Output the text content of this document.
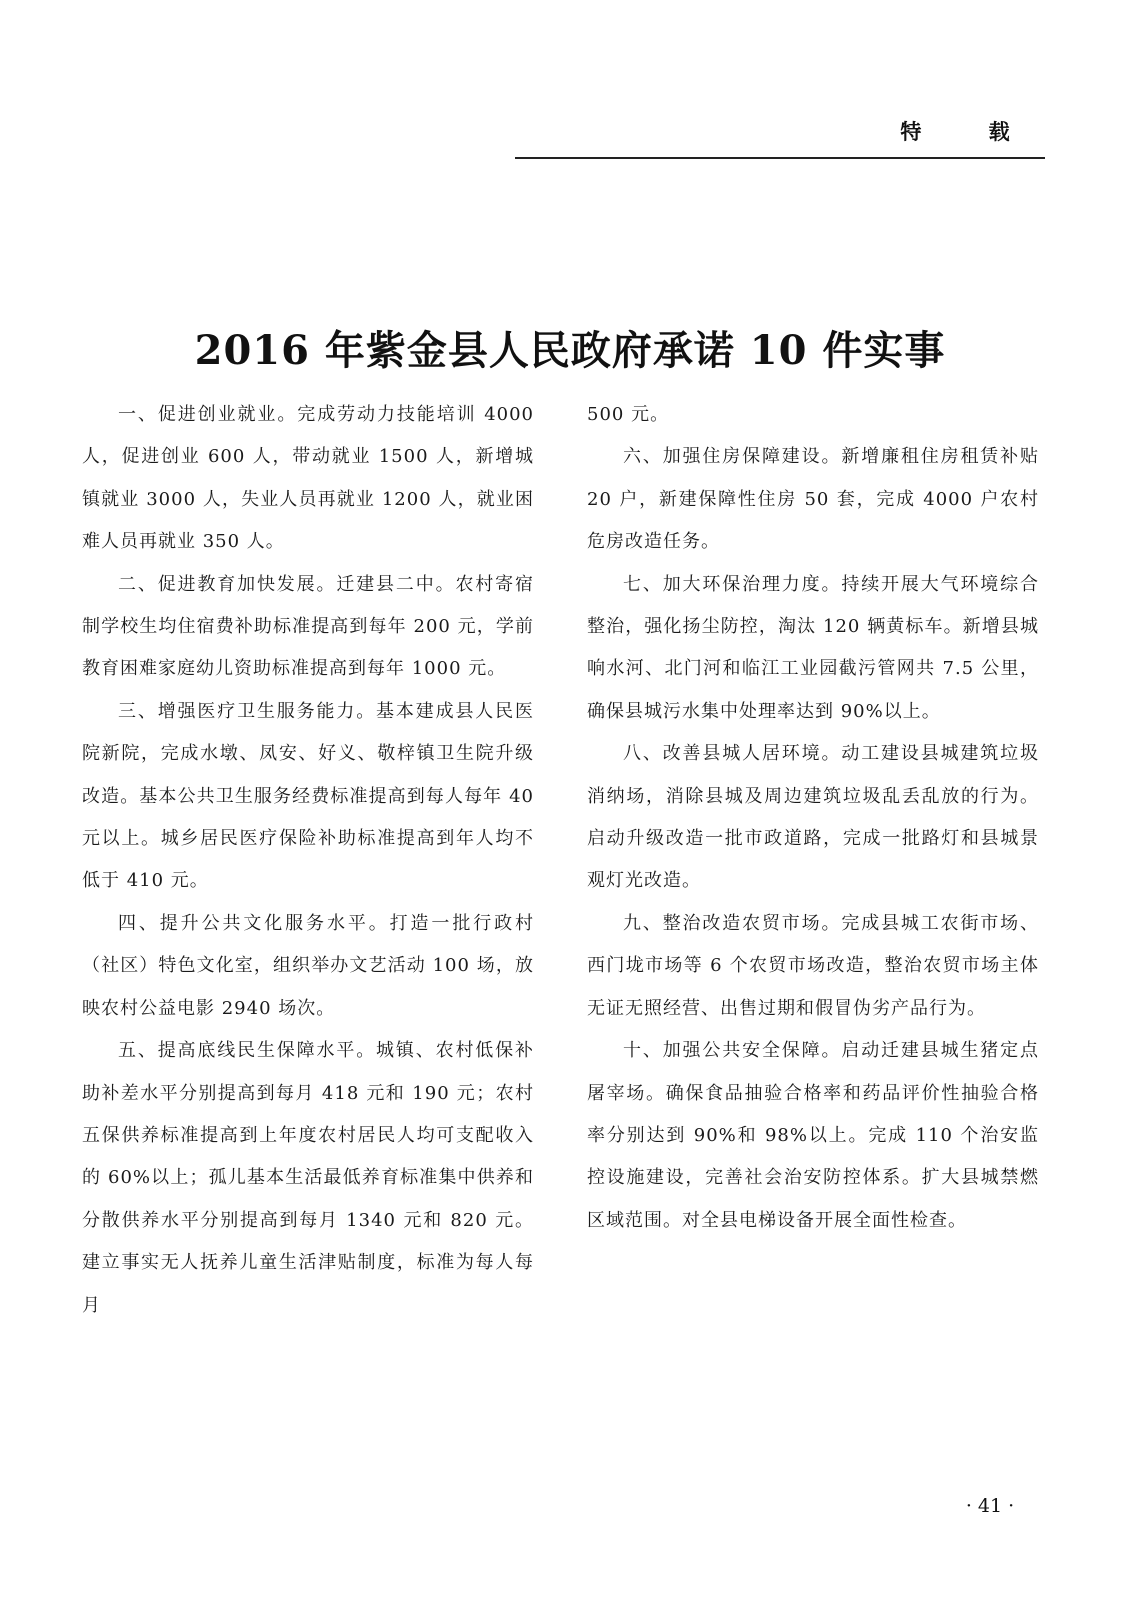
特 载
2016 年紫金县人民政府承诺 10 件实事

一、促进创业就业。完成劳动力技能培训 4000 人，促进创业 600 人，带动就业 1500 人，新增城镇就业 3000 人，失业人员再就业 1200 人，就业困难人员再就业 350 人。

二、促进教育加快发展。迁建县二中。农村寄宿制学校生均住宿费补助标准提高到每年 200 元，学前教育困难家庭幼儿资助标准提高到每年 1000 元。

三、增强医疗卫生服务能力。基本建成县人民医院新院，完成水墩、凤安、好义、敬梓镇卫生院升级改造。基本公共卫生服务经费标准提高到每人每年 40 元以上。城乡居民医疗保险补助标准提高到年人均不低于 410 元。

四、提升公共文化服务水平。打造一批行政村（社区）特色文化室，组织举办文艺活动 100 场，放映农村公益电影 2940 场次。

五、提高底线民生保障水平。城镇、农村低保补助补差水平分别提高到每月 418 元和 190 元；农村五保供养标准提高到上年度农村居民人均可支配收入的 60%以上；孤儿基本生活最低养育标准集中供养和分散供养水平分别提高到每月 1340 元和 820 元。建立事实无人抚养儿童生活津贴制度，标准为每人每月

500 元。

六、加强住房保障建设。新增廉租住房租赁补贴 20 户，新建保障性住房 50 套，完成 4000 户农村危房改造任务。

七、加大环保治理力度。持续开展大气环境综合整治，强化扬尘防控，淘汰 120 辆黄标车。新增县城响水河、北门河和临江工业园截污管网共 7.5 公里，确保县城污水集中处理率达到 90%以上。

八、改善县城人居环境。动工建设县城建筑垃圾消纳场，消除县城及周边建筑垃圾乱丢乱放的行为。启动升级改造一批市政道路，完成一批路灯和县城景观灯光改造。

九、整治改造农贸市场。完成县城工农街市场、西门垅市场等 6 个农贸市场改造，整治农贸市场主体无证无照经营、出售过期和假冒伪劣产品行为。

十、加强公共安全保障。启动迁建县城生猪定点屠宰场。确保食品抽验合格率和药品评价性抽验合格率分别达到 90%和 98%以上。完成 110 个治安监控设施建设，完善社会治安防控体系。扩大县城禁燃区域范围。对全县电梯设备开展全面性检查。

· 41 ·
